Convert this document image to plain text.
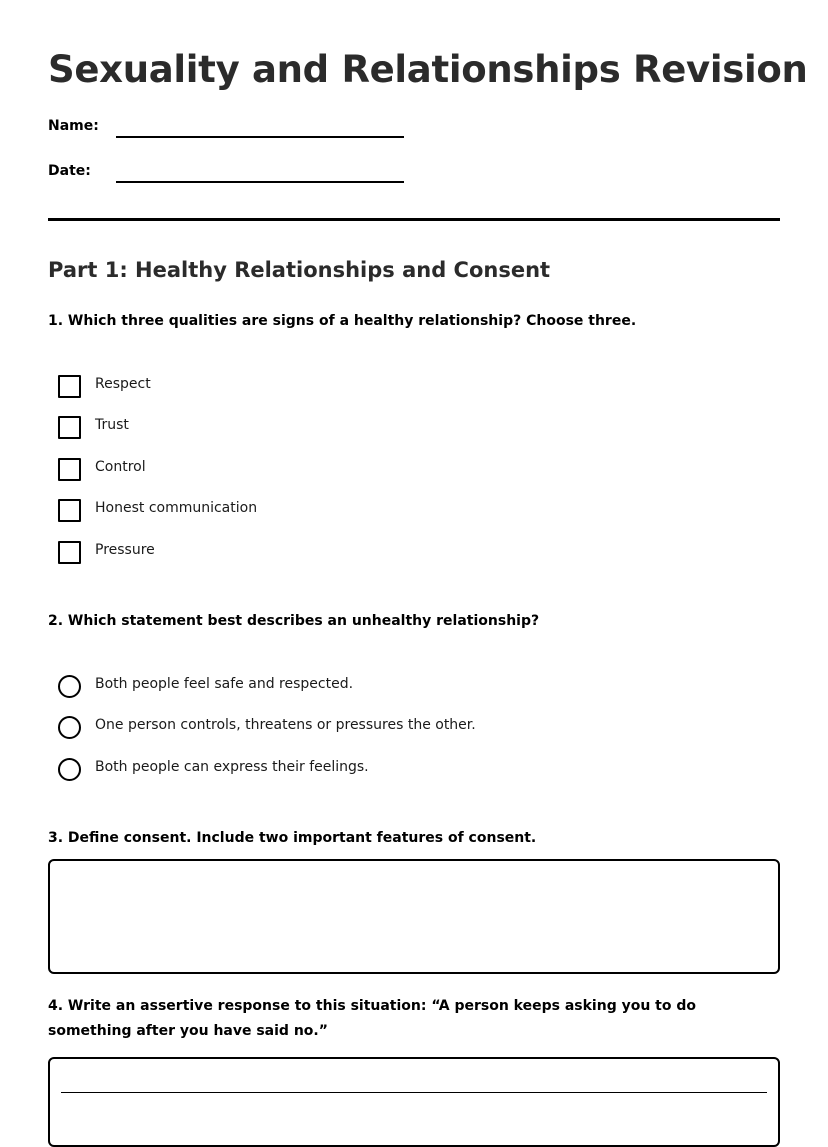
Sexuality and Relationships Revision
Name:
Date:
Part 1: Healthy Relationships and Consent

1. Which three qualities are signs of a healthy relationship? Choose three.

Respect
Trust
Control
Honest communication
Pressure

2. Which statement best describes an unhealthy relationship?

Both people feel safe and respected.
One person controls, threatens or pressures the other.
Both people can express their feelings.

3. Define consent. Include two important features of consent.

4. Write an assertive response to this situation: “A person keeps asking you to do something after you have said no.”
